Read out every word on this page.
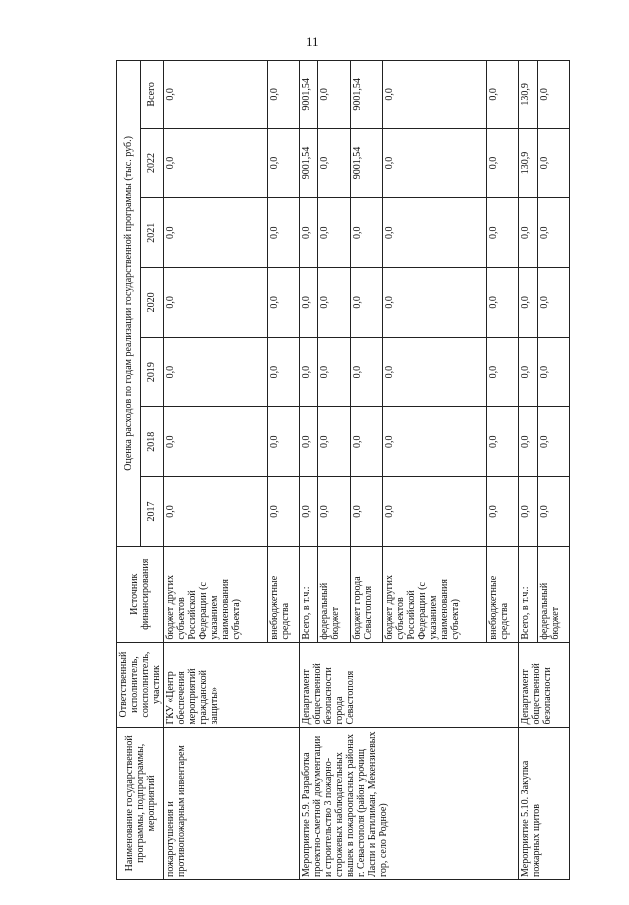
11
Наименование государственной программы, подпрограммы, мероприятий	Ответственный исполнитель, соисполнитель, участник	Источник финансирования	Оценка расходов по годам реализации государственной программы (тыс. руб.)						
			2017	2018	2019	2020	2021	2022	Всего
пожаротушения и противопожарным инвентарем	ГКУ «Центр обеспечения мероприятий гражданской защиты»	бюджет других субъектов Российской Федерации (с указанием наименования субъекта)	0,0	0,0	0,0	0,0	0,0	0,0	0,0
		внебюджетные средства	0,0	0,0	0,0	0,0	0,0	0,0	0,0
Мероприятие 5.9. Разработка проектно-сметной документации и строительство 3 пожарно-сторожевых наблюдательных вышек в пожароопасных районах г. Севастополя (район урочищ Ласпи и Батилиман, Мекензиевых гор, село Родное)	Департамент общественной безопасности города Севастополя	Всего, в т.ч.:	0,0	0,0	0,0	0,0	0,0	9001,54	9001,54
		федеральный бюджет	0,0	0,0	0,0	0,0	0,0	0,0	0,0
		бюджет города Севастополя	0,0	0,0	0,0	0,0	0,0	9001,54	9001,54
		бюджет других субъектов Российской Федерации (с указанием наименования субъекта)	0,0	0,0	0,0	0,0	0,0	0,0	0,0
		внебюджетные средства	0,0	0,0	0,0	0,0	0,0	0,0	0,0
Мероприятие 5.10. Закупка пожарных щитов	Департамент общественной безопасности	Всего, в т.ч.:	0,0	0,0	0,0	0,0	0,0	130,9	130,9
		федеральный бюджет	0,0	0,0	0,0	0,0	0,0	0,0	0,0
